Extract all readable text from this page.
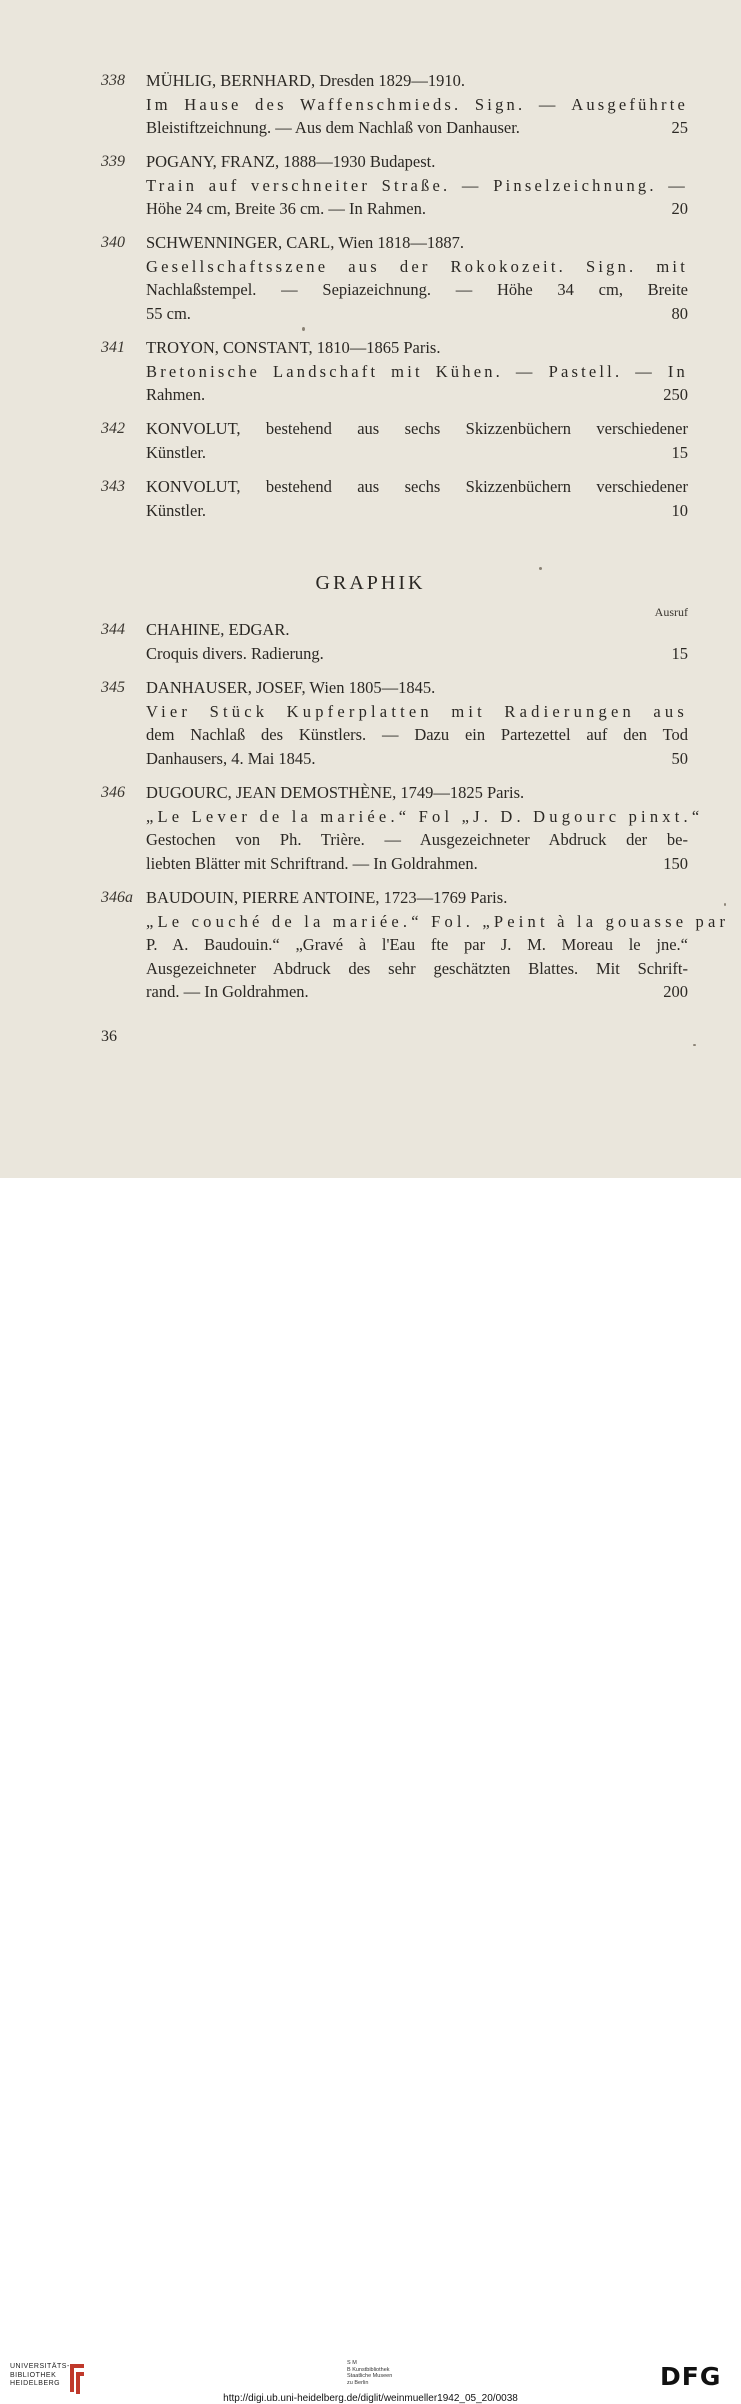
338 MÜHLIG, BERNHARD, Dresden 1829—1910.
Im Hause des Waffenschmieds. Sign. — Ausgeführte
Bleistiftzeichnung. — Aus dem Nachlaß von Danhauser.	25
339 POGANY, FRANZ, 1888—1930 Budapest.
Train auf verschneiter Straße. — Pinselzeichnung. —
Höhe 24 cm, Breite 36 cm. — In Rahmen.	20
340 SCHWENNINGER, CARL, Wien 1818—1887.
Gesellschaftsszene aus der Rokokozeit. Sign. mit
Nachlaßstempel. — Sepiazeichnung. — Höhe 34 cm, Breite
55 cm.	80
341 TROYON, CONSTANT, 1810—1865 Paris.
Bretonische Landschaft mit Kühen. — Pastell. — In
Rahmen.	250
342 KONVOLUT, bestehend aus sechs Skizzenbüchern verschiedener
Künstler.	15
343 KONVOLUT, bestehend aus sechs Skizzenbüchern verschiedener
Künstler.	10
GRAPHIK
Ausruf
344 CHAHINE, EDGAR.
Croquis divers. Radierung.	15
345 DANHAUSER, JOSEF, Wien 1805—1845.
Vier Stück Kupferplatten mit Radierungen aus
dem Nachlaß des Künstlers. — Dazu ein Partezettel auf den Tod
Danhausers, 4. Mai 1845.	50
346 DUGOURC, JEAN DEMOSTHÈNE, 1749—1825 Paris.
„Le Lever de la mariée.“ Fol „J. D. Dugourc pinxt.“
Gestochen von Ph. Trière. — Ausgezeichneter Abdruck der be-
liebten Blätter mit Schriftrand. — In Goldrahmen.	150
346a BAUDOUIN, PIERRE ANTOINE, 1723—1769 Paris.
„Le couché de la mariée.“ Fol. „Peint à la gouasse par
P. A. Baudouin.“ „Gravé à l'Eau fte par J. M. Moreau le jne.“
Ausgezeichneter Abdruck des sehr geschätzten Blattes. Mit Schrift-
rand. — In Goldrahmen.	200
36
UNIVERSITÄTS-
BIBLIOTHEK
HEIDELBERG
S M
B Kunstbibliothek
Staatliche Museen
zu Berlin	DFG
http://digi.ub.uni-heidelberg.de/diglit/weinmueller1942_05_20/0038
